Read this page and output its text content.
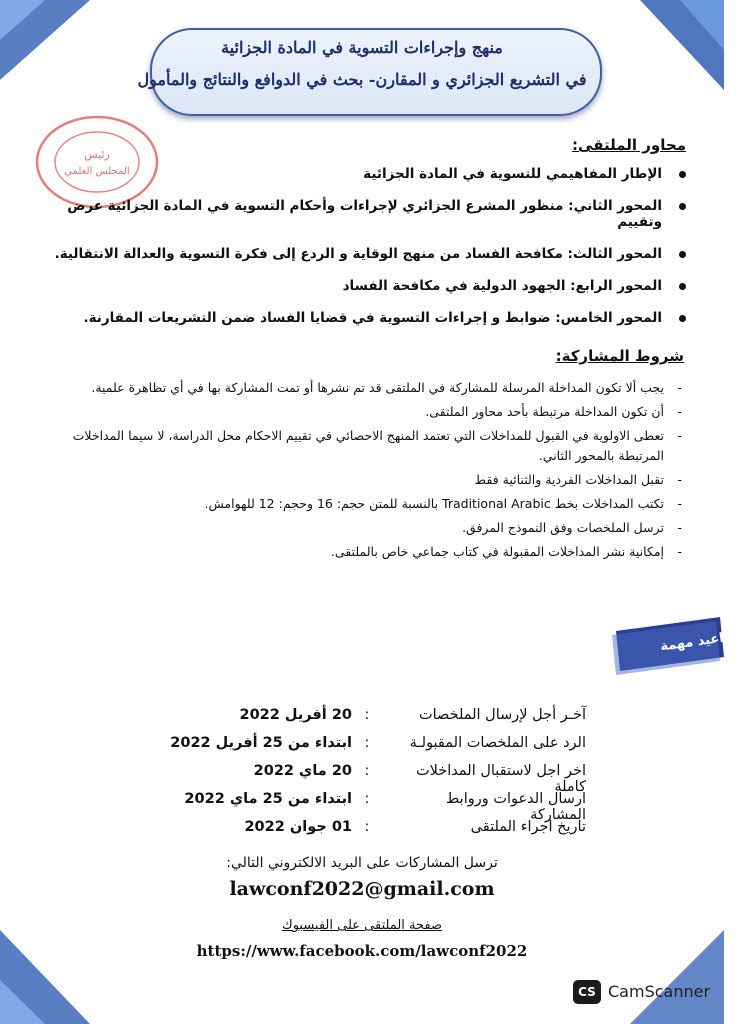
منهج وإجراءات التسوية في المادة الجزائية
في التشريع الجزائري و المقارن- بحث في الدوافع والنتائج والمأمول
رئيس
المجلس العلمي
محاور الملتقى:
الإطار المفاهيمي للتسوية في المادة الجزائية
المحور الثاني: منظور المشرع الجزائري لإجراءات وأحكام التسوية في المادة الجزائية عرض وتقييم
المحور الثالث: مكافحة الفساد من منهج الوقاية و الردع إلى فكرة التسوية والعدالة الانتقالية.
المحور الرابع: الجهود الدولية في مكافحة الفساد
المحور الخامس: ضوابط و إجراءات التسوية في قضايا الفساد ضمن التشريعات المقارنة.
شروط المشاركة:
-
يجب ألا تكون المداخلة المرسلة للمشاركة في الملتقى قد تم نشرها أو تمت المشاركة بها في أي تظاهرة علمية.
-
أن تكون المداخلة مرتبطة بأحد محاور الملتقى.
-
تعطى الاولوية في القبول للمداخلات التي تعتمد المنهج الاحصائي في تقييم الاحكام محل الدراسة، لا سيما المداخلات المرتبطة بالمحور الثاني.
-
تقبل المداخلات الفردية والثنائية فقط
-
تكتب المداخلات بخط Traditional Arabic بالنسبة للمتن حجم: 16 وحجم: 12 للهوامش.
-
ترسل الملخصات وفق النموذج المرفق.
-
إمكانية نشر المداخلات المقبولة في كتاب جماعي خاص بالملتقى.
مواعيد مهمة
آخـر أجل لإرسال الملخصات
:
20 أفريل 2022
الرد على الملخصات المقبولـة
:
ابتداء من 25 أفريل 2022
اخر اجل لاستقبال المداخلات كاملة
:
20 ماي 2022
ارسال الدعوات وروابط المشاركة
:
ابتداء من 25 ماي 2022
تاريخ اجراء الملتقى
:
01 جوان 2022
ترسل المشاركات على البريد الالكتروني التالي:
lawconf2022@gmail.com
صفحة الملتقى على الفيسبوك
https://www.facebook.com/lawconf2022
CS CamScanner
